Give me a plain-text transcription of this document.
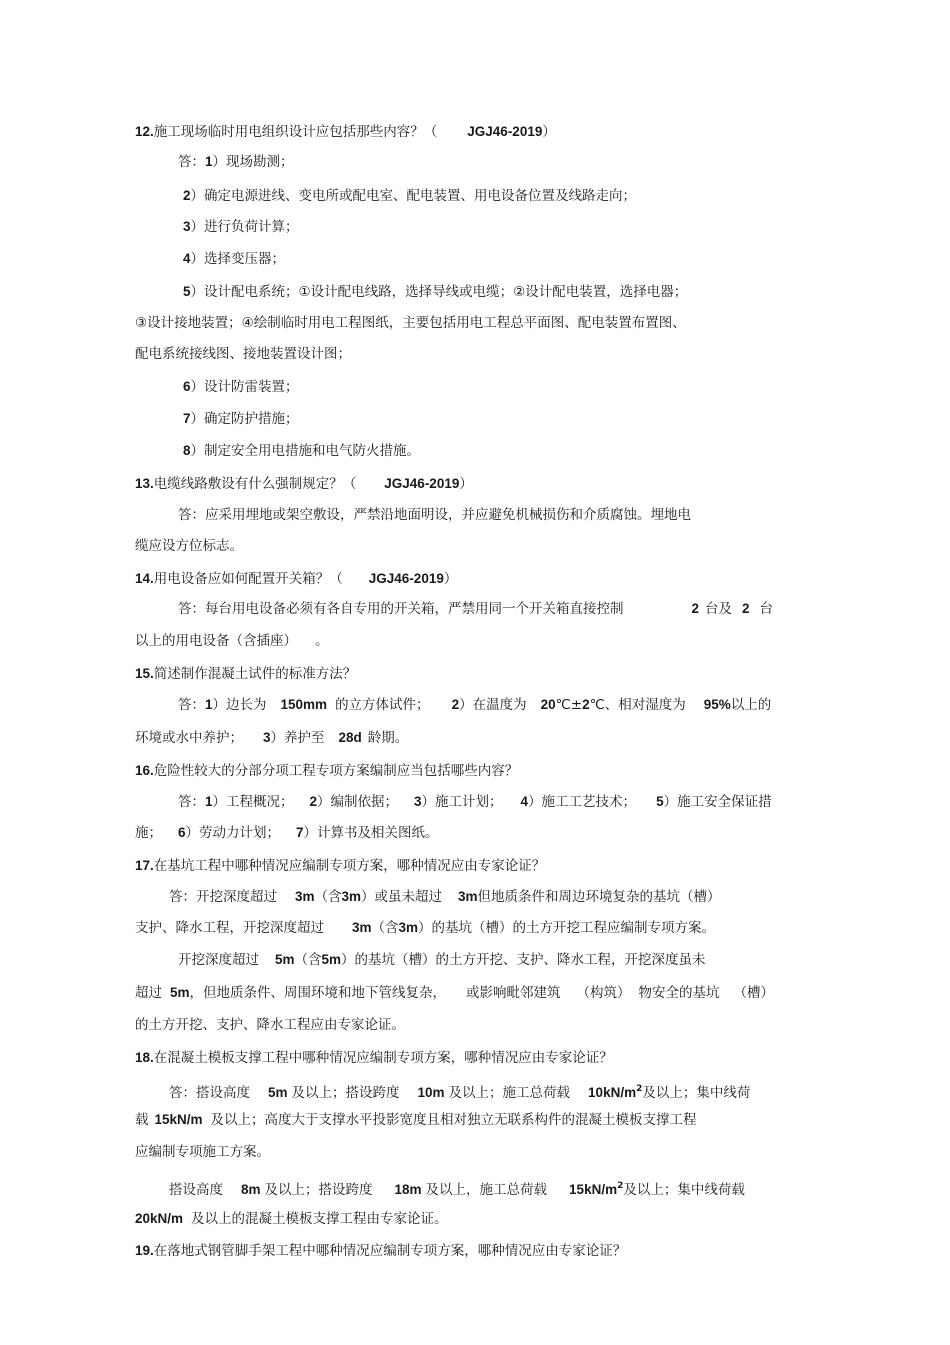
12.施工现场临时用电组织设计应包括那些内容？（ JGJ46-2019）
答：1）现场勘测；
2）确定电源进线、变电所或配电室、配电装置、用电设备位置及线路走向；
3）进行负荷计算；
4）选择变压器；
5）设计配电系统；①设计配电线路，选择导线或电缆；②设计配电装置，选择电器；
③设计接地装置；④绘制临时用电工程图纸，主要包括用电工程总平面图、配电装置布置图、
配电系统接线图、接地装置设计图；
6）设计防雷装置；
7）确定防护措施；
8）制定安全用电措施和电气防火措施。
13.电缆线路敷设有什么强制规定？（ JGJ46-2019）
答：应采用埋地或架空敷设，严禁沿地面明设，并应避免机械损伤和介质腐蚀。埋地电
缆应设方位标志。
14.用电设备应如何配置开关箱？（ JGJ46-2019）
答：每台用电设备必须有各自专用的开关箱，严禁用同一个开关箱直接控制	2 台及 2 台
以上的用电设备（含插座） 。
15.简述制作混凝土试件的标准方法？
答：1）边长为 150mm 的立方体试件； 2）在温度为 20℃±2℃、相对湿度为 95%以上的
环境或水中养护； 3）养护至 28d 龄期。
16.危险性较大的分部分项工程专项方案编制应当包括哪些内容？
答：1）工程概况； 2）编制依据； 3）施工计划； 4）施工工艺技术； 5）施工安全保证措
施； 6）劳动力计划； 7）计算书及相关图纸。
17.在基坑工程中哪种情况应编制专项方案，哪种情况应由专家论证？
答：开挖深度超过 3m（含3m）或虽未超过 3m但地质条件和周边环境复杂的基坑（槽）
支护、降水工程，开挖深度超过 3m（含3m）的基坑（槽）的土方开挖工程应编制专项方案。
开挖深度超过 5m（含5m）的基坑（槽）的土方开挖、支护、降水工程，开挖深度虽未
超过 5m，但地质条件、周围环境和地下管线复杂， 或影响毗邻建筑 （构筑） 物安全的基坑 （槽）
的土方开挖、支护、降水工程应由专家论证。
18.在混凝土模板支撑工程中哪种情况应编制专项方案，哪种情况应由专家论证？
答：搭设高度 5m 及以上；搭设跨度 10m 及以上；施工总荷载 $10kN/m^2$及以上；集中线荷
载 15kN/m 及以上；高度大于支撑水平投影宽度且相对独立无联系构件的混凝土模板支撑工程
应编制专项施工方案。
搭设高度 8m 及以上；搭设跨度 18m 及以上，施工总荷载 $15kN/m^2$及以上；集中线荷载
20kN/m 及以上的混凝土模板支撑工程由专家论证。
19.在落地式钢管脚手架工程中哪种情况应编制专项方案，哪种情况应由专家论证？
